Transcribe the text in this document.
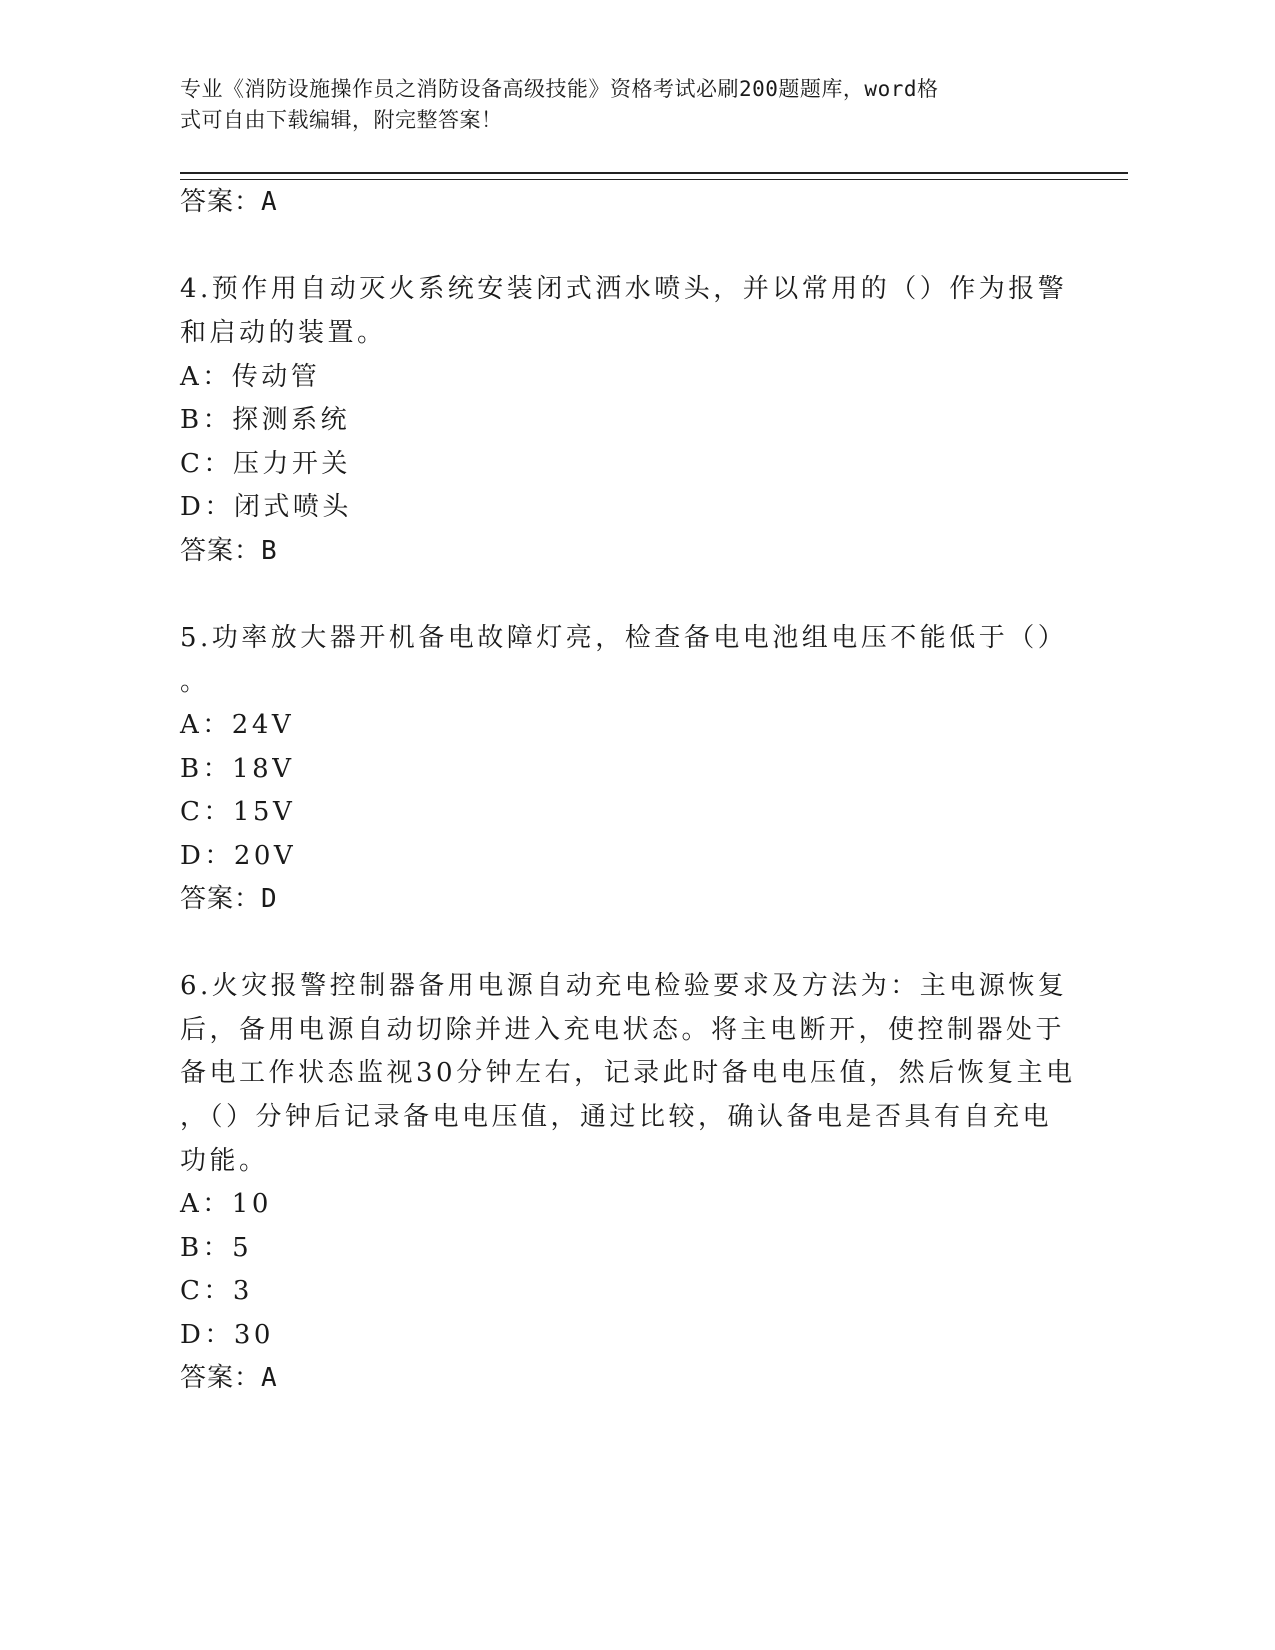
专业《消防设施操作员之消防设备高级技能》资格考试必刷200题题库，word格
式可自由下载编辑，附完整答案！
答案：A
4.预作用自动灭火系统安装闭式洒水喷头，并以常用的（）作为报警
和启动的装置。
A：传动管
B：探测系统
C：压力开关
D：闭式喷头
答案：B
5.功率放大器开机备电故障灯亮，检查备电电池组电压不能低于（）
。
A：24V
B：18V
C：15V
D：20V
答案：D
6.火灾报警控制器备用电源自动充电检验要求及方法为：主电源恢复
后，备用电源自动切除并进入充电状态。将主电断开，使控制器处于
备电工作状态监视30分钟左右，记录此时备电电压值，然后恢复主电
，（）分钟后记录备电电压值，通过比较，确认备电是否具有自充电
功能。
A：10
B：5
C：3
D：30
答案：A
